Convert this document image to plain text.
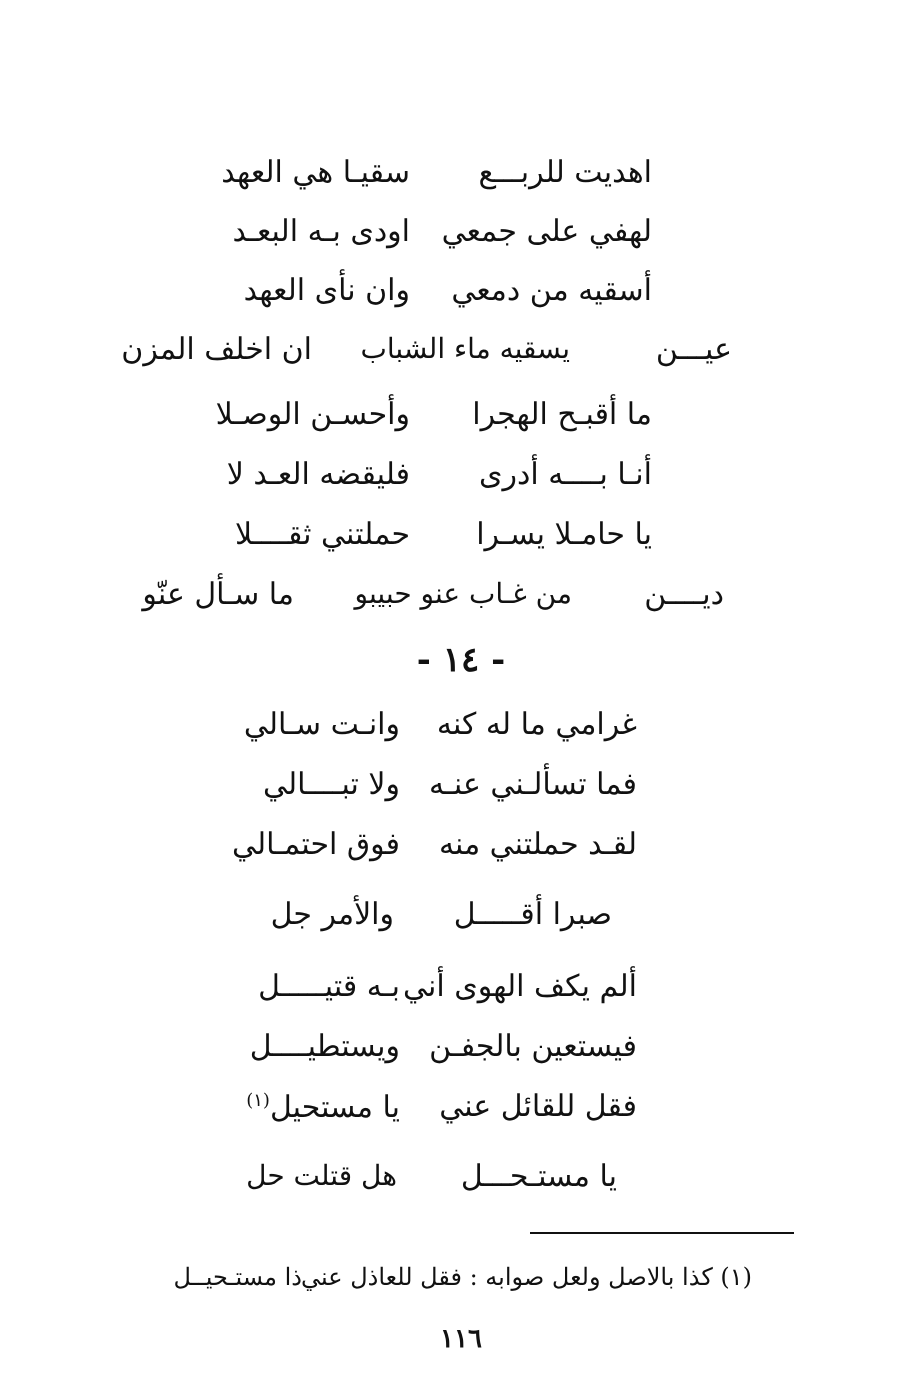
اهديت للربـــع
سقيـا هي العهد
لهفي على جمعي
اودى بـه البعـد
أسقيه من دمعي
وان نأى العهد
عيـــن
يسقيه ماء الشباب
ان اخلف المزن
ما أقبـح الهجرا
وأحسـن الوصـلا
أنـا بــــه أدرى
فليقضه العـد لا
يا حامـلا يسـرا
حملتني ثقــــلا
ديــــن
من غـاب عنو حبيبو
ما سـأل عنّو
- ١٤ -
غرامي ما له كنه
وانـت سـالي
فما تسألـني عنـه
ولا تبــــالي
لقـد حملتني منه
فوق احتمـالي
صبرا أقـــــل
والأمر جل
ألم يكف الهوى أني
بـه قتيـــــل
فيستعين بالجفـن
ويستطيــــل
فقل للقائل عني
يا مستحيل$^{(١)}$
يا مستـحـــل
هل قتلت حل
(١) كذا بالاصل ولعل صوابه : فقل للعاذل عني
ذا مستـحيــل
١١٦
